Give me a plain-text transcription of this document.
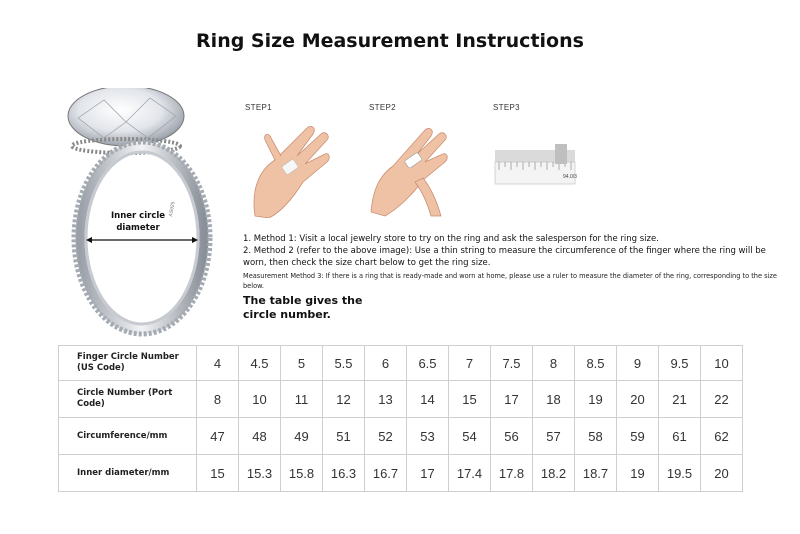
Ring Size Measurement Instructions
Inner circle
diameter
AS925
STEP1	STEP2	STEP3
94.0/3

1. Method 1: Visit a local jewelry store to try on the ring and ask the salesperson for the ring size.

2. Method 2 (refer to the above image): Use a thin string to measure the circumference of the finger where the ring will be worn, then check the size chart below to get the ring size.

Measurement Method 3: If there is a ring that is ready-made and worn at home, please use a ruler to measure the diameter of the ring, corresponding to the size below.

The table gives the circle number.

Finger Circle Number (US Code)	4	4.5	5	5.5	6	6.5	7	7.5	8	8.5	9	9.5	10
Circle Number (Port Code)	8	10	11	12	13	14	15	17	18	19	20	21	22
Circumference/mm	47	48	49	51	52	53	54	56	57	58	59	61	62
Inner diameter/mm	15	15.3	15.8	16.3	16.7	17	17.4	17.8	18.2	18.7	19	19.5	20
